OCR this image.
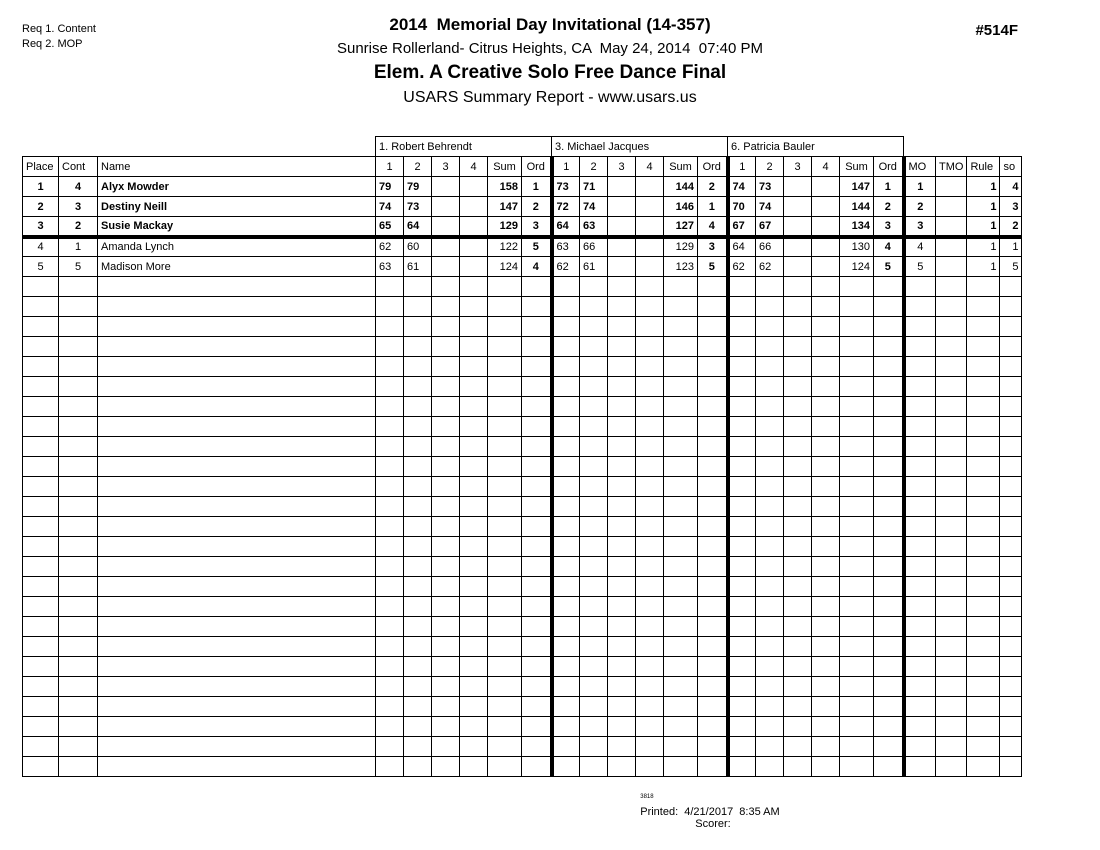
Req 1. Content
Req 2. MOP
#514F
2014  Memorial Day Invitational (14-357)
Sunrise Rollerland- Citrus Heights, CA  May 24, 2014  07:40 PM
Elem. A Creative Solo Free Dance Final
USARS Summary Report - www.usars.us
			1. Robert Behrendt						3. Michael Jacques						6. Patricia Bauler									
Place	Cont	Name	1	2	3	4	Sum	Ord	1	2	3	4	Sum	Ord	1	2	3	4	Sum	Ord	MO	TMO	Rule	so
1	4	Alyx Mowder	79	79			158	1	73	71			144	2	74	73			147	1	1		1	4
2	3	Destiny Neill	74	73			147	2	72	74			146	1	70	74			144	2	2		1	3
3	2	Susie Mackay	65	64			129	3	64	63			127	4	67	67			134	3	3		1	2
4	1	Amanda Lynch	62	60			122	5	63	66			129	3	64	66			130	4	4		1	1
5	5	Madison More	63	61			124	4	62	61			123	5	62	62			124	5	5		1	5

$^{3818}$
Printed:  4/21/2017  8:35 AM
Scorer:
